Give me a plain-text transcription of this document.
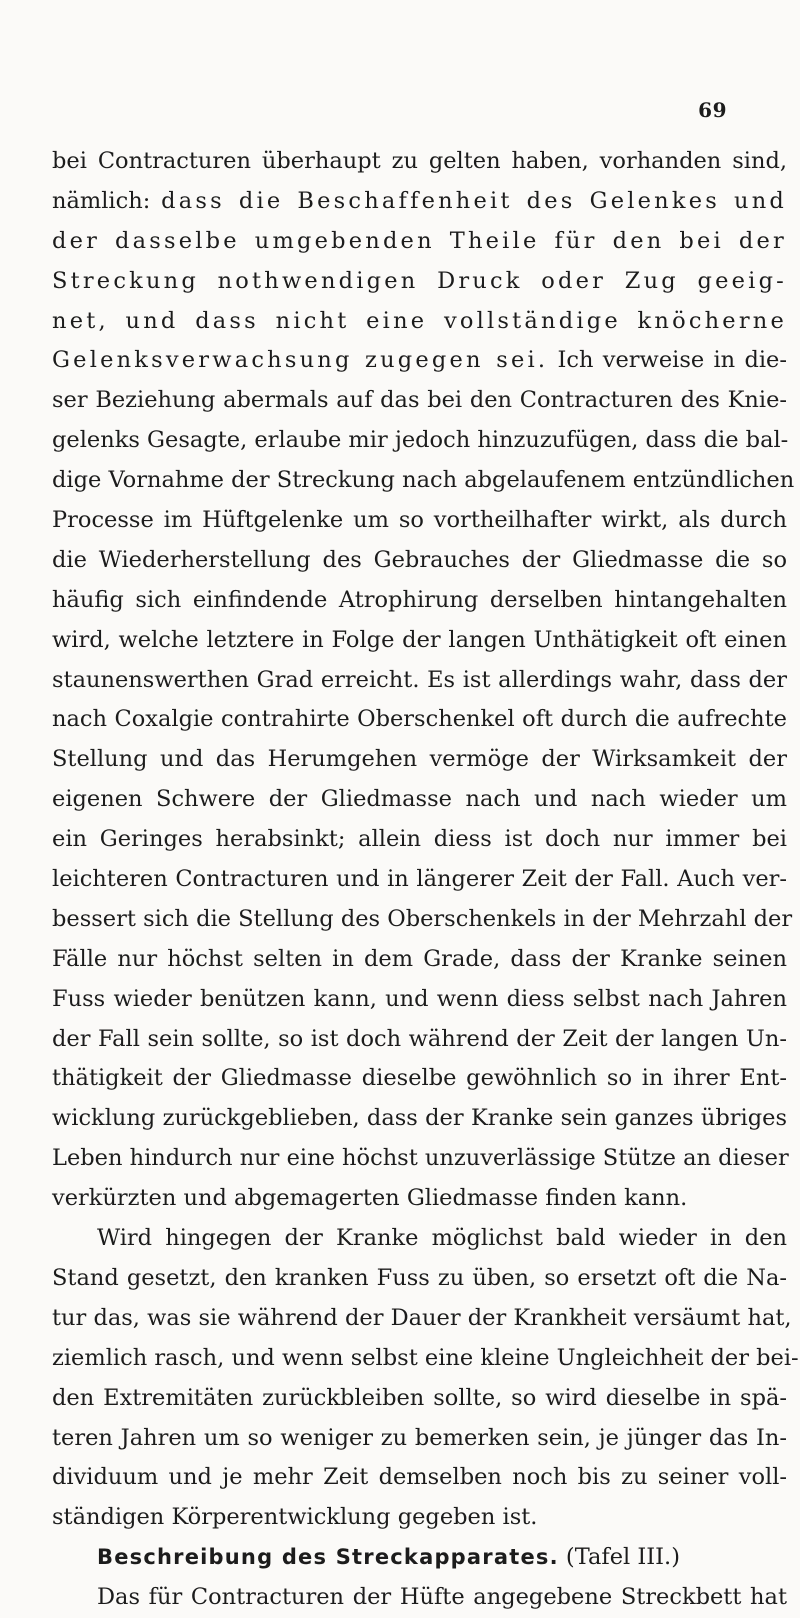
69
bei Contracturen überhaupt zu gelten haben, vorhanden sind,
nämlich: dass die Beschaffenheit des Gelenkes und
der dasselbe umgebenden Theile für den bei der
Streckung nothwendigen Druck oder Zug geeig-
net, und dass nicht eine vollständige knöcherne
Gelenksverwachsung zugegen sei. Ich verweise in die-
ser Beziehung abermals auf das bei den Contracturen des Knie-
gelenks Gesagte, erlaube mir jedoch hinzuzufügen, dass die bal-
dige Vornahme der Streckung nach abgelaufenem entzündlichen
Processe im Hüftgelenke um so vortheilhafter wirkt, als durch
die Wiederherstellung des Gebrauches der Gliedmasse die so
häufig sich einfindende Atrophirung derselben hintangehalten
wird, welche letztere in Folge der langen Unthätigkeit oft einen
staunenswerthen Grad erreicht. Es ist allerdings wahr, dass der
nach Coxalgie contrahirte Oberschenkel oft durch die aufrechte
Stellung und das Herumgehen vermöge der Wirksamkeit der
eigenen Schwere der Gliedmasse nach und nach wieder um
ein Geringes herabsinkt; allein diess ist doch nur immer bei
leichteren Contracturen und in längerer Zeit der Fall. Auch ver-
bessert sich die Stellung des Oberschenkels in der Mehrzahl der
Fälle nur höchst selten in dem Grade, dass der Kranke seinen
Fuss wieder benützen kann, und wenn diess selbst nach Jahren
der Fall sein sollte, so ist doch während der Zeit der langen Un-
thätigkeit der Gliedmasse dieselbe gewöhnlich so in ihrer Ent-
wicklung zurückgeblieben, dass der Kranke sein ganzes übriges
Leben hindurch nur eine höchst unzuverlässige Stütze an dieser
verkürzten und abgemagerten Gliedmasse finden kann.
Wird hingegen der Kranke möglichst bald wieder in den
Stand gesetzt, den kranken Fuss zu üben, so ersetzt oft die Na-
tur das, was sie während der Dauer der Krankheit versäumt hat,
ziemlich rasch, und wenn selbst eine kleine Ungleichheit der bei-
den Extremitäten zurückbleiben sollte, so wird dieselbe in spä-
teren Jahren um so weniger zu bemerken sein, je jünger das In-
dividuum und je mehr Zeit demselben noch bis zu seiner voll-
ständigen Körperentwicklung gegeben ist.
Beschreibung des Streckapparates. (Tafel III.)
Das für Contracturen der Hüfte angegebene Streckbett hat
